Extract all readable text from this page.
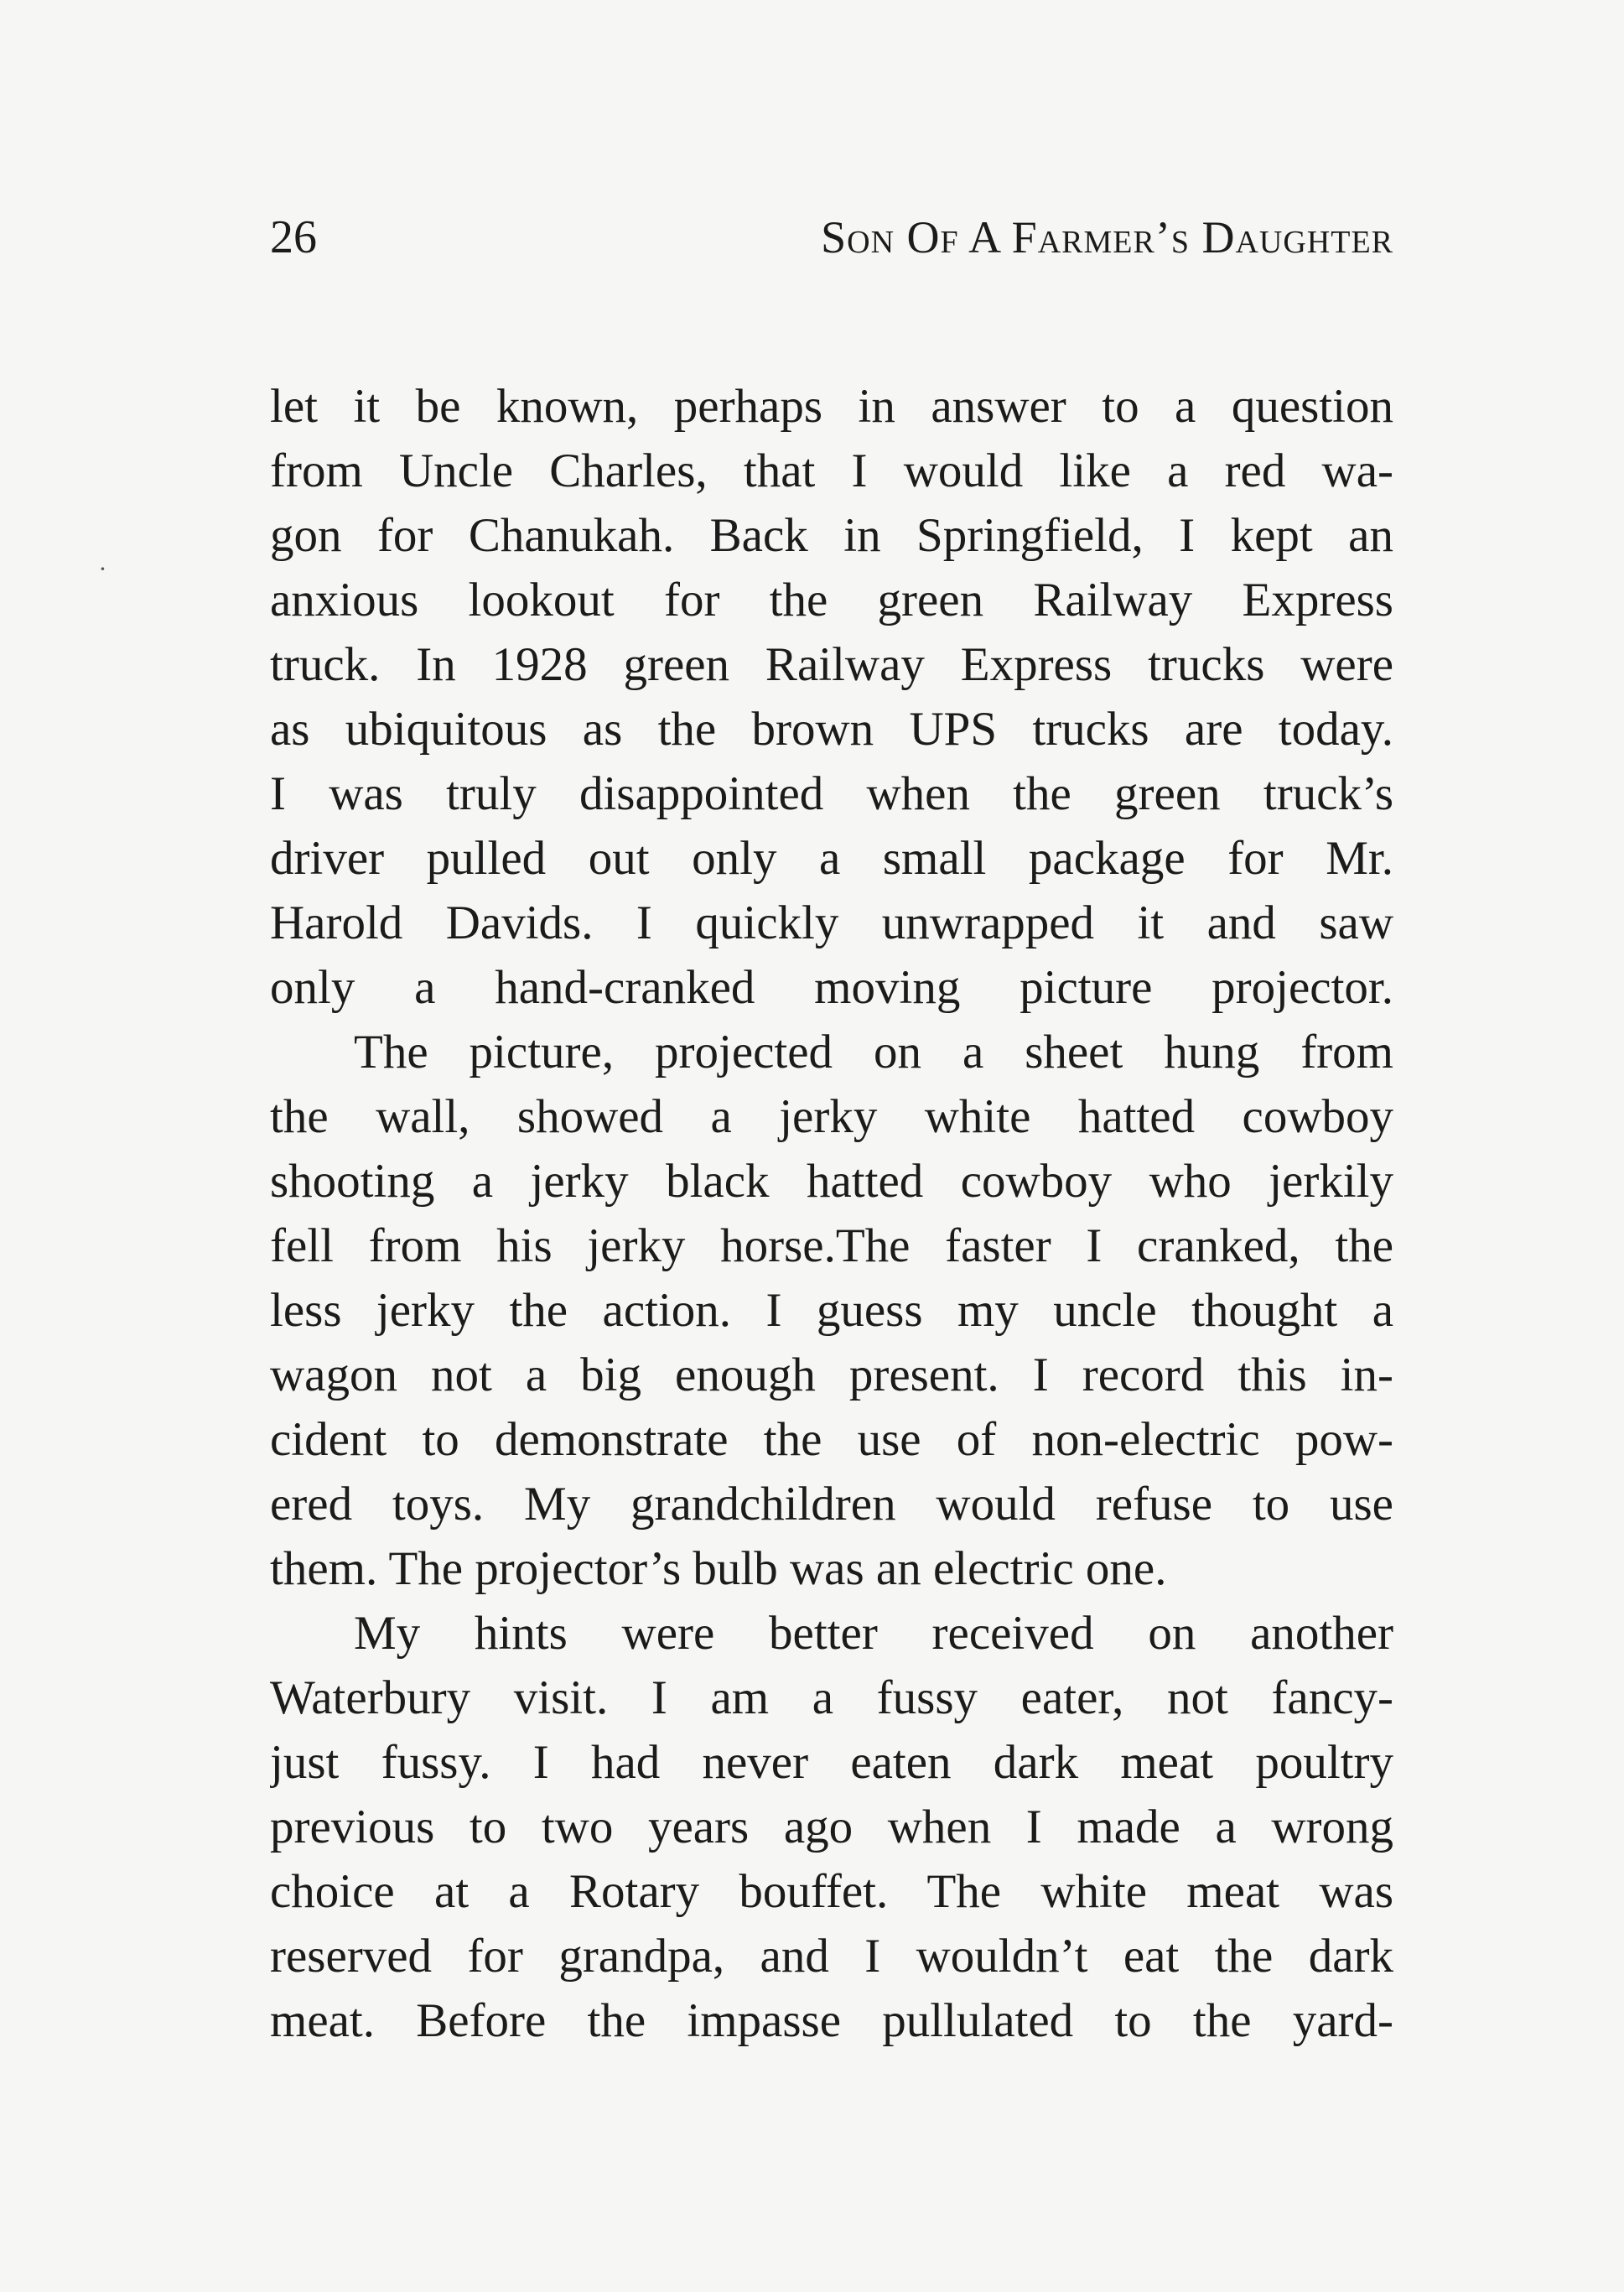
·
26	Son Of A Farmer’s Daughter
let it be known, perhaps in answer to a question
from Uncle Charles, that I would like a red wa-
gon for Chanukah. Back in Springfield, I kept an
anxious lookout for the green Railway Express
truck. In 1928 green Railway Express trucks were
as ubiquitous as the brown UPS trucks are today.
I was truly disappointed when the green truck’s
driver pulled out only a small package for Mr.
Harold Davids. I quickly unwrapped it and saw
only a hand-cranked moving picture projector.
The picture, projected on a sheet hung from
the wall, showed a jerky white hatted cowboy
shooting a jerky black hatted cowboy who jerkily
fell from his jerky horse.The faster I cranked, the
less jerky the action. I guess my uncle thought a
wagon not a big enough present. I record this in-
cident to demonstrate the use of non-electric pow-
ered toys. My grandchildren would refuse to use
them. The projector’s bulb was an electric one.
My hints were better received on another
Waterbury visit. I am a fussy eater, not fancy-
just fussy. I had never eaten dark meat poultry
previous to two years ago when I made a wrong
choice at a Rotary bouffet. The white meat was
reserved for grandpa, and I wouldn’t eat the dark
meat. Before the impasse pullulated to the yard-
